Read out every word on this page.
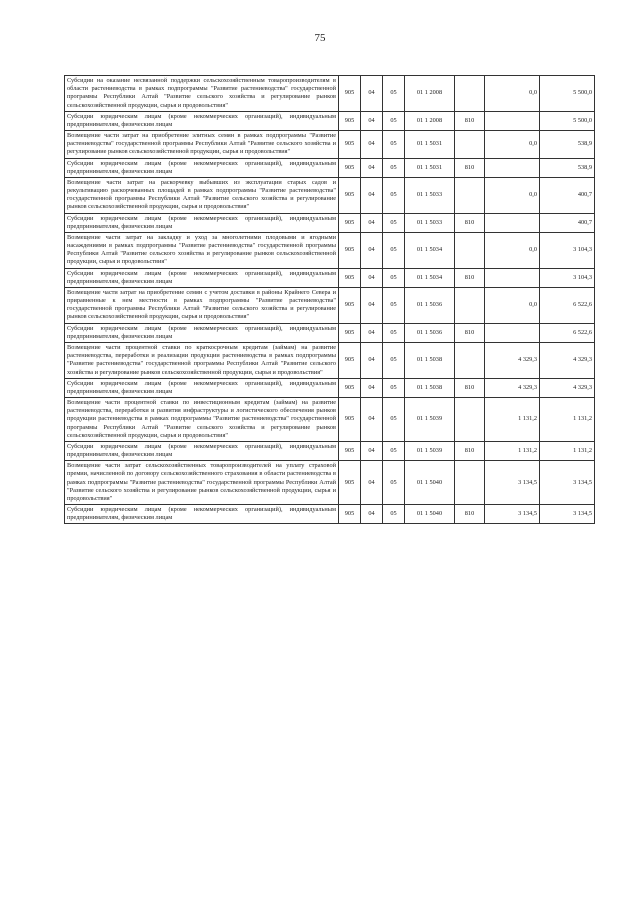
75
Субсидии на оказание несвязанной поддержки сельскохозяйственным товаропроизводителям в области растениеводства в рамках подпрограммы "Развитие растениеводства" государственной программы Республики Алтай "Развитие сельского хозяйства и регулирование рынков сельскохозяйственной продукции, сырья и продовольствия"	905	04	05	01 1 2008		0,0	5 500,0
Субсидии юридическим лицам (кроме некоммерческих организаций), индивидуальным предпринимателям, физическим лицам	905	04	05	01 1 2008	810		5 500,0
Возмещение части затрат на приобретение элитных семян в рамках подпрограммы "Развитие растениеводства" государственной программы Республики Алтай "Развитие сельского хозяйства и регулирование рынков сельскохозяйственной продукции, сырья и продовольствия"	905	04	05	01 1 5031		0,0	538,9
Субсидии юридическим лицам (кроме некоммерческих организаций), индивидуальным предпринимателям, физическим лицам	905	04	05	01 1 5031	810		538,9
Возмещение части затрат на раскорчевку выбывших из эксплуатации старых садов и рекультивацию раскорчеванных площадей в рамках подпрограммы "Развитие растениеводства" государственной программы Республики Алтай "Развитие сельского хозяйства и регулирование рынков сельскохозяйственной продукции, сырья и продовольствия"	905	04	05	01 1 5033		0,0	400,7
Субсидии юридическим лицам (кроме некоммерческих организаций), индивидуальным предпринимателям, физическим лицам	905	04	05	01 1 5033	810		400,7
Возмещение части затрат на закладку и уход за многолетними плодовыми и ягодными насаждениями в рамках подпрограммы "Развитие растениеводства" государственной программы Республики Алтай "Развитие сельского хозяйства и регулирование рынков сельскохозяйственной продукции, сырья и продовольствия"	905	04	05	01 1 5034		0,0	3 104,3
Субсидии юридическим лицам (кроме некоммерческих организаций), индивидуальным предпринимателям, физическим лицам	905	04	05	01 1 5034	810		3 104,3
Возмещение части затрат на приобретение семян с учетом доставки в районы Крайнего Севера и приравненные к нем местности в рамках подпрограммы "Развитие растениеводства" государственной программы Республики Алтай "Развитие сельского хозяйства и регулирование рынков сельскохозяйственной продукции, сырья и продовольствия"	905	04	05	01 1 5036		0,0	6 522,6
Субсидии юридическим лицам (кроме некоммерческих организаций), индивидуальным предпринимателям, физическим лицам	905	04	05	01 1 5036	810		6 522,6
Возмещение части процентной ставки по краткосрочным кредитам (займам) на развитие растениеводства, переработки и реализации продукции растениеводства в рамках подпрограммы "Развитие растениеводства" государственной программы Республики Алтай "Развитие сельского хозяйства и регулирование рынков сельскохозяйственной продукции, сырья и продовольствия"	905	04	05	01 1 5038		4 329,3	4 329,3
Субсидии юридическим лицам (кроме некоммерческих организаций), индивидуальным предпринимателям, физическим лицам	905	04	05	01 1 5038	810	4 329,3	4 329,3
Возмещение части процентной ставки по инвестиционным кредитам (займам) на развитие растениеводства, переработки и развития инфраструктуры и логистического обеспечения рынков продукции растениеводства в рамках подпрограммы "Развитие растениеводства" государственной программы Республики Алтай "Развитие сельского хозяйства и регулирование рынков сельскохозяйственной продукции, сырья и продовольствия"	905	04	05	01 1 5039		1 131,2	1 131,2
Субсидии юридическим лицам (кроме некоммерческих организаций), индивидуальным предпринимателям, физическим лицам	905	04	05	01 1 5039	810	1 131,2	1 131,2
Возмещение части затрат сельскохозяйственных товаропроизводителей на уплату страховой премии, начисленной по договору сельскохозяйственного страхования в области растениеводства в рамках подпрограммы "Развитие растениеводства" государственной программы Республики Алтай "Развитие сельского хозяйства и регулирование рынков сельскохозяйственной продукции, сырья и продовольствия"	905	04	05	01 1 5040		3 134,5	3 134,5
Субсидии юридическим лицам (кроме некоммерческих организаций), индивидуальным предпринимателям, физическим лицам	905	04	05	01 1 5040	810	3 134,5	3 134,5
